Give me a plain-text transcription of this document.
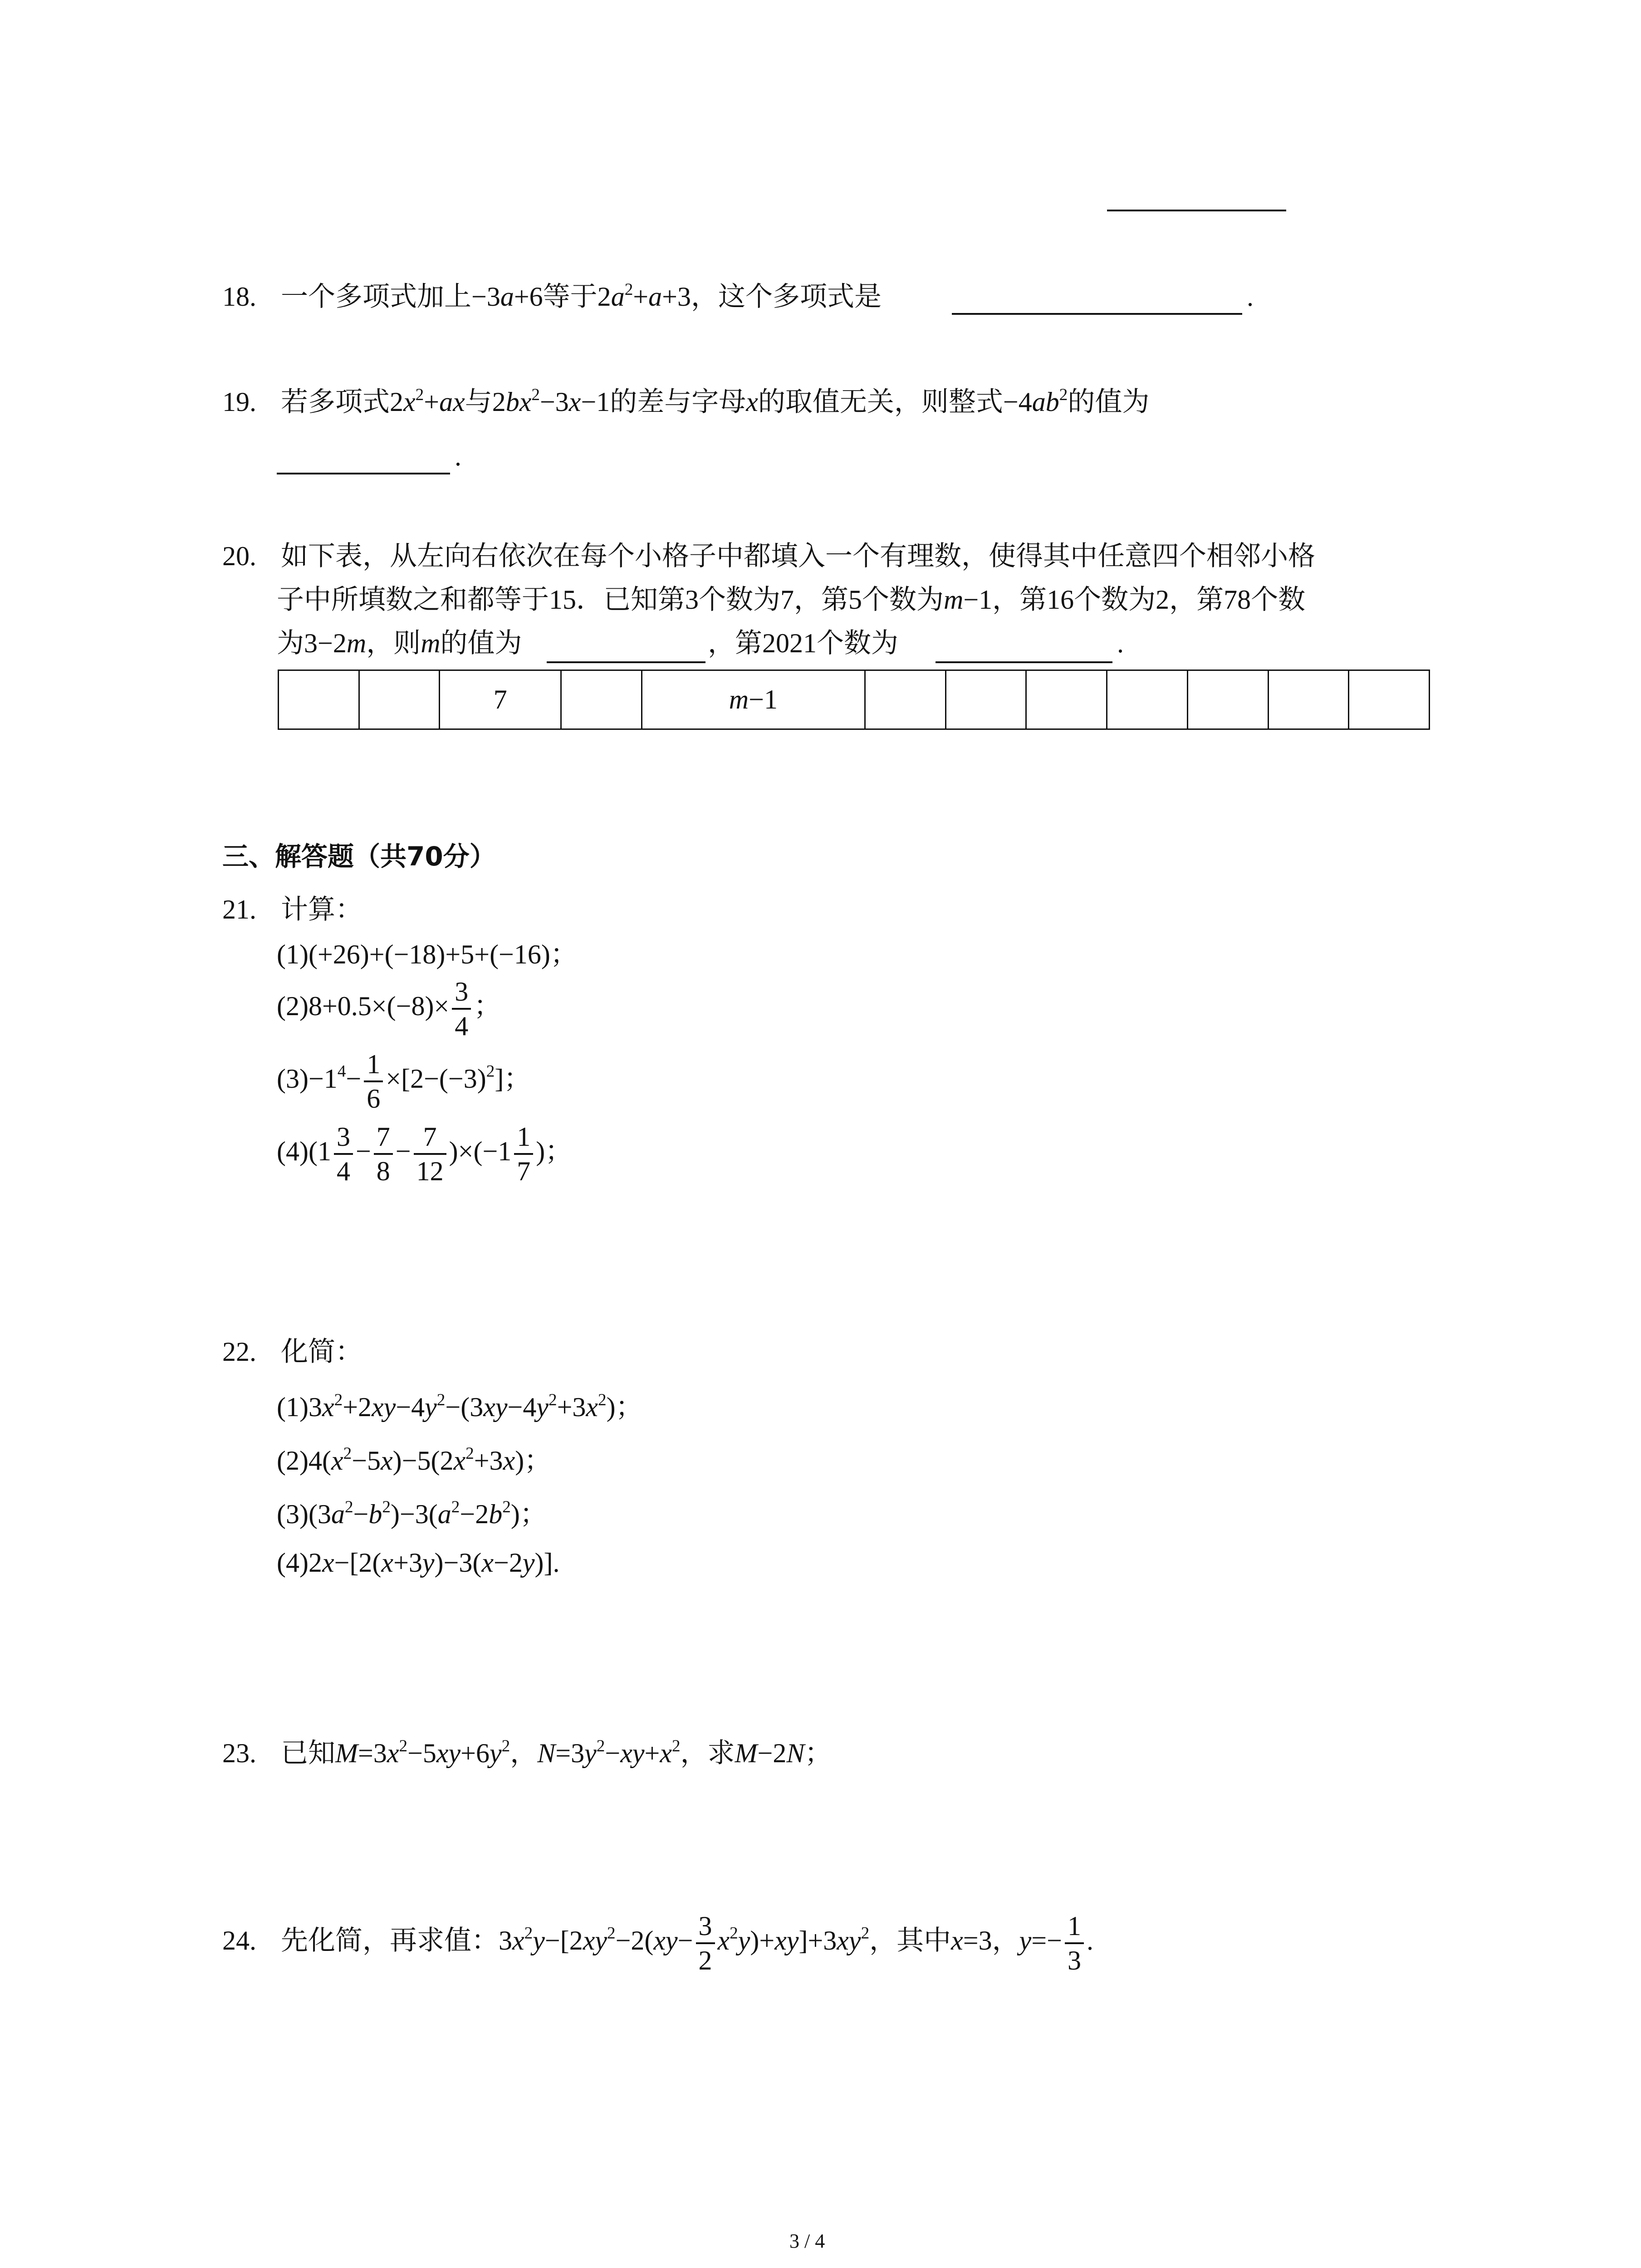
18. 一个多项式加上−3a+6等于$2a^2+a+3$，这个多项式是	.
19. 若多项式$2x^2+ax$与$2bx^2-3x-1$的差与字母x的取值无关，则整式$-4ab^2$的值为
.
20. 如下表，从左向右依次在每个小格子中都填入一个有理数，使得其中任意四个相邻小格
子中所填数之和都等于15．已知第3个数为7，第5个数为m−1，第16个数为2，第78个数
为3−2m，则m的值为	，第2021个数为	.
		7		m−1							
三、解答题（共70分）
21. 计算：
(1)(+26)+(−18)+5+(−16)；
$(2)8+0.5\times(-8)\times \frac{3}{4}$ ；
$(3)-1^4- \frac{1}{6} \times[2-(-3)^2]$；
$(4)(1 \frac{3}{4} - \frac{7}{8} - \frac{7}{12} )\times(-1 \frac{1}{7}$ )；
22. 化简：
$(1)3x^2+2xy-4y^2-(3xy-4y^2+3x^2)$；
$(2)4(x^2-5x)-5(2x^2+3x)$；
$(3)(3a^2-b^2)-3(a^2-2b^2)$；
(4)2x−[2(x+3y)−3(x−2y)].
23. 已知$M=3x^2-5xy+6y^2$，$N=3y^2-xy+x^2$，求M−2N；
24. 先化简，再求值：$3x^2y-[2xy^2-2(xy- \frac{3}{2} x^2y)+xy]+3xy^2$，其中x=3，$y=- \frac{1}{3}$ .
3 / 4
